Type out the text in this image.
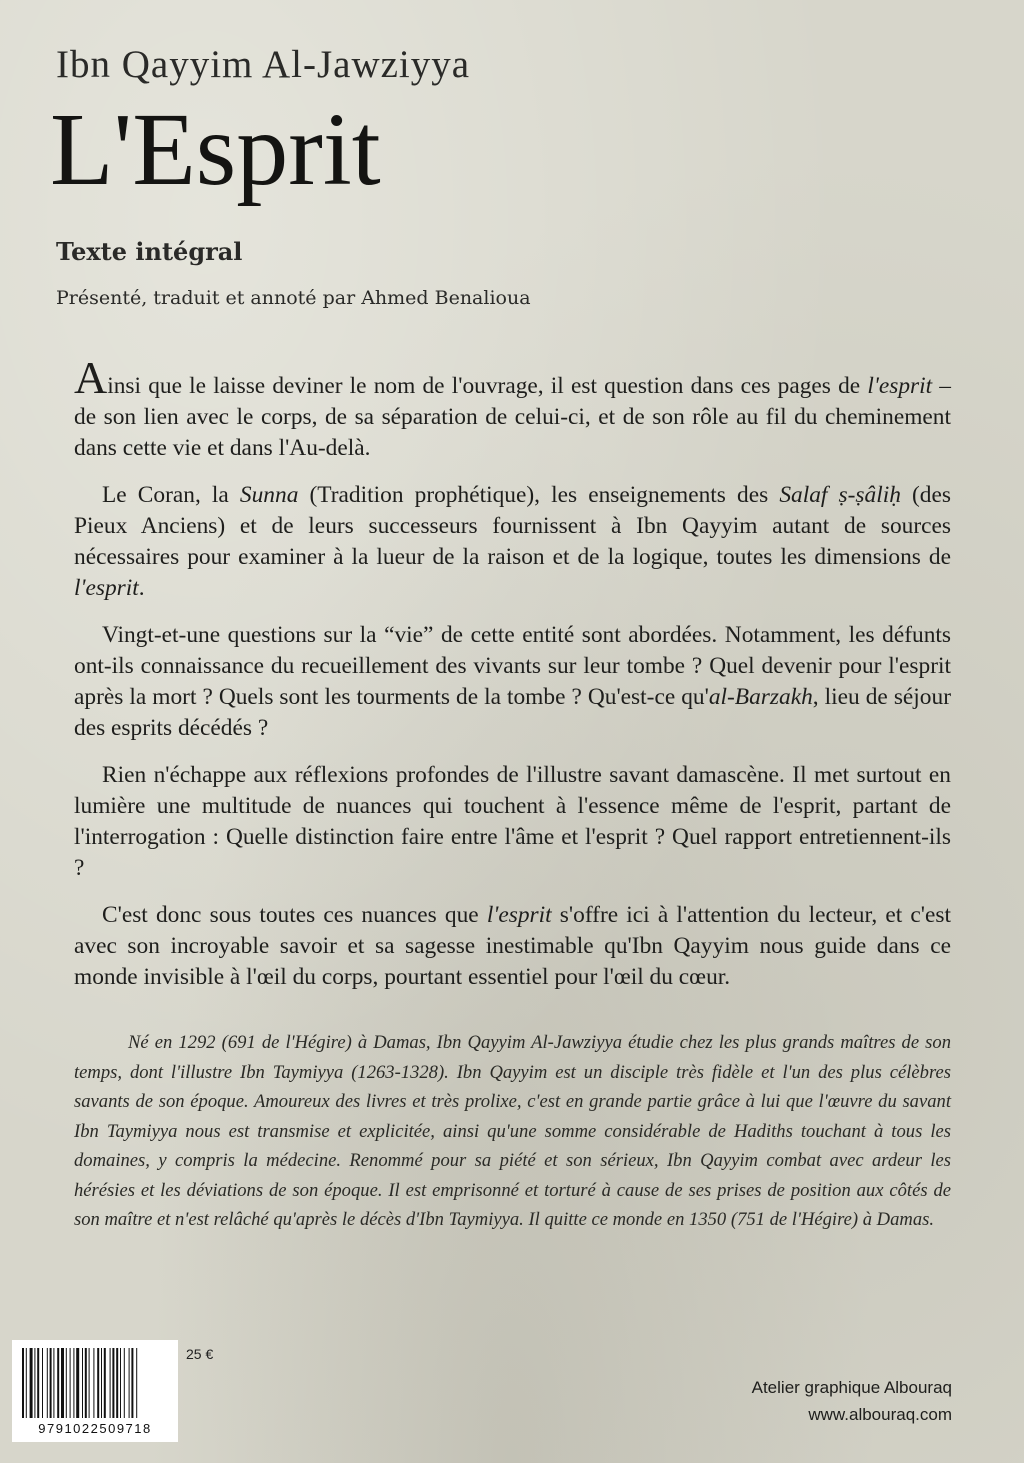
Ibn Qayyim Al-Jawziyya
L'Esprit
Texte intégral
Présenté, traduit et annoté par Ahmed Benalioua

Ainsi que le laisse deviner le nom de l'ouvrage, il est question dans ces pages de l'esprit – de son lien avec le corps, de sa séparation de celui-ci, et de son rôle au fil du cheminement dans cette vie et dans l'Au-delà.

Le Coran, la Sunna (Tradition prophétique), les enseignements des Salaf ṣ-ṣâliḥ (des Pieux Anciens) et de leurs successeurs fournissent à Ibn Qayyim autant de sources nécessaires pour examiner à la lueur de la raison et de la logique, toutes les dimensions de l'esprit.

Vingt-et-une questions sur la “vie” de cette entité sont abordées. Notamment, les défunts ont-ils connaissance du recueillement des vivants sur leur tombe ? Quel devenir pour l'esprit après la mort ? Quels sont les tourments de la tombe ? Qu'est-ce qu'al-Barzakh, lieu de séjour des esprits décédés ?

Rien n'échappe aux réflexions profondes de l'illustre savant damascène. Il met surtout en lumière une multitude de nuances qui touchent à l'essence même de l'esprit, partant de l'interrogation : Quelle distinction faire entre l'âme et l'esprit ? Quel rapport entretiennent-ils ?

C'est donc sous toutes ces nuances que l'esprit s'offre ici à l'attention du lecteur, et c'est avec son incroyable savoir et sa sagesse inestimable qu'Ibn Qayyim nous guide dans ce monde invisible à l'œil du corps, pourtant essentiel pour l'œil du cœur.

Né en 1292 (691 de l'Hégire) à Damas, Ibn Qayyim Al-Jawziyya étudie chez les plus grands maîtres de son temps, dont l'illustre Ibn Taymiyya (1263-1328). Ibn Qayyim est un disciple très fidèle et l'un des plus célèbres savants de son époque. Amoureux des livres et très prolixe, c'est en grande partie grâce à lui que l'œuvre du savant Ibn Taymiyya nous est transmise et explicitée, ainsi qu'une somme considérable de Hadiths touchant à tous les domaines, y compris la médecine. Renommé pour sa piété et son sérieux, Ibn Qayyim combat avec ardeur les hérésies et les déviations de son époque. Il est emprisonné et torturé à cause de ses prises de position aux côtés de son maître et n'est relâché qu'après le décès d'Ibn Taymiyya. Il quitte ce monde en 1350 (751 de l'Hégire) à Damas.
9791022509718
25 €
Atelier graphique Albouraq
www.albouraq.com
